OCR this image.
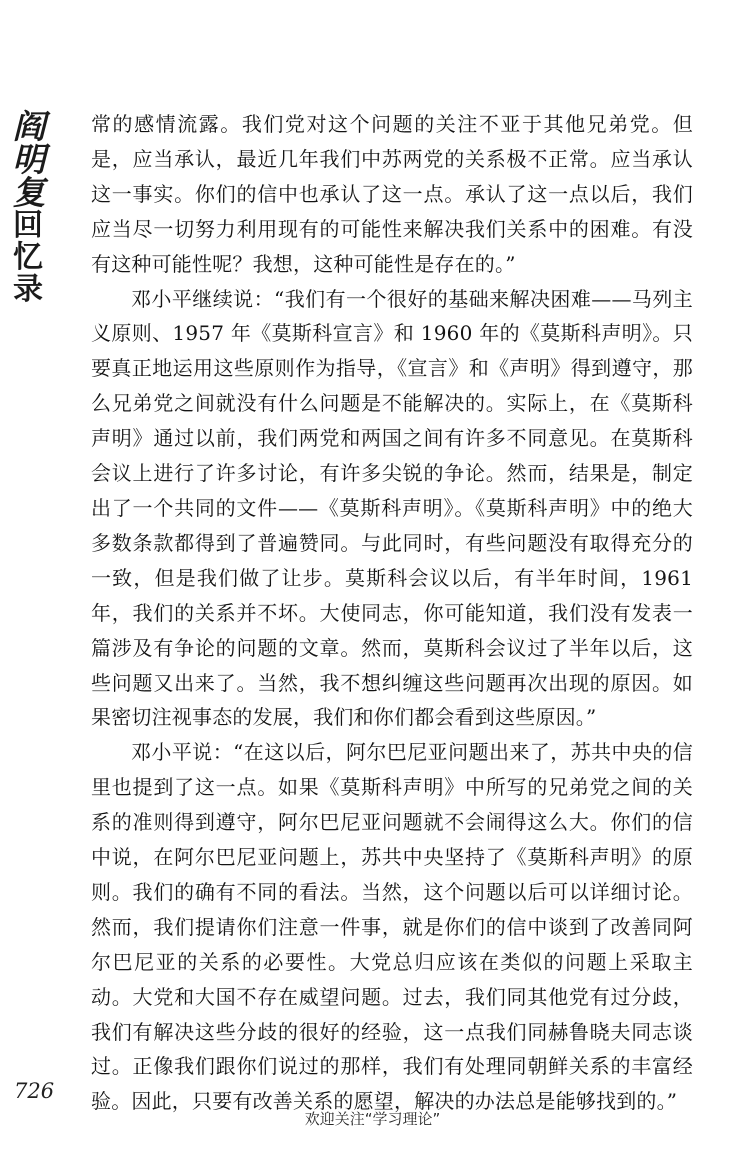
阎
明
复
回
忆
录

常的感情流露。我们党对这个问题的关注不亚于其他兄弟党。但是，应当承认，最近几年我们中苏两党的关系极不正常。应当承认这一事实。你们的信中也承认了这一点。承认了这一点以后，我们应当尽一切努力利用现有的可能性来解决我们关系中的困难。有没有这种可能性呢？我想，这种可能性是存在的。”

邓小平继续说：“我们有一个很好的基础来解决困难——马列主义原则、1957 年《莫斯科宣言》和 1960 年的《莫斯科声明》。只要真正地运用这些原则作为指导，《宣言》和《声明》得到遵守，那么兄弟党之间就没有什么问题是不能解决的。实际上，在《莫斯科声明》通过以前，我们两党和两国之间有许多不同意见。在莫斯科会议上进行了许多讨论，有许多尖锐的争论。然而，结果是，制定出了一个共同的文件——《莫斯科声明》。《莫斯科声明》中的绝大多数条款都得到了普遍赞同。与此同时，有些问题没有取得充分的一致，但是我们做了让步。莫斯科会议以后，有半年时间，1961 年，我们的关系并不坏。大使同志，你可能知道，我们没有发表一篇涉及有争论的问题的文章。然而，莫斯科会议过了半年以后，这些问题又出来了。当然，我不想纠缠这些问题再次出现的原因。如果密切注视事态的发展，我们和你们都会看到这些原因。”

邓小平说：“在这以后，阿尔巴尼亚问题出来了，苏共中央的信里也提到了这一点。如果《莫斯科声明》中所写的兄弟党之间的关系的准则得到遵守，阿尔巴尼亚问题就不会闹得这么大。你们的信中说，在阿尔巴尼亚问题上，苏共中央坚持了《莫斯科声明》的原则。我们的确有不同的看法。当然，这个问题以后可以详细讨论。然而，我们提请你们注意一件事，就是你们的信中谈到了改善同阿尔巴尼亚的关系的必要性。大党总归应该在类似的问题上采取主动。大党和大国不存在威望问题。过去，我们同其他党有过分歧，我们有解决这些分歧的很好的经验，这一点我们同赫鲁晓夫同志谈过。正像我们跟你们说过的那样，我们有处理同朝鲜关系的丰富经验。因此，只要有改善关系的愿望，解决的办法总是能够找到的。”

726
欢迎关注“学习理论”
